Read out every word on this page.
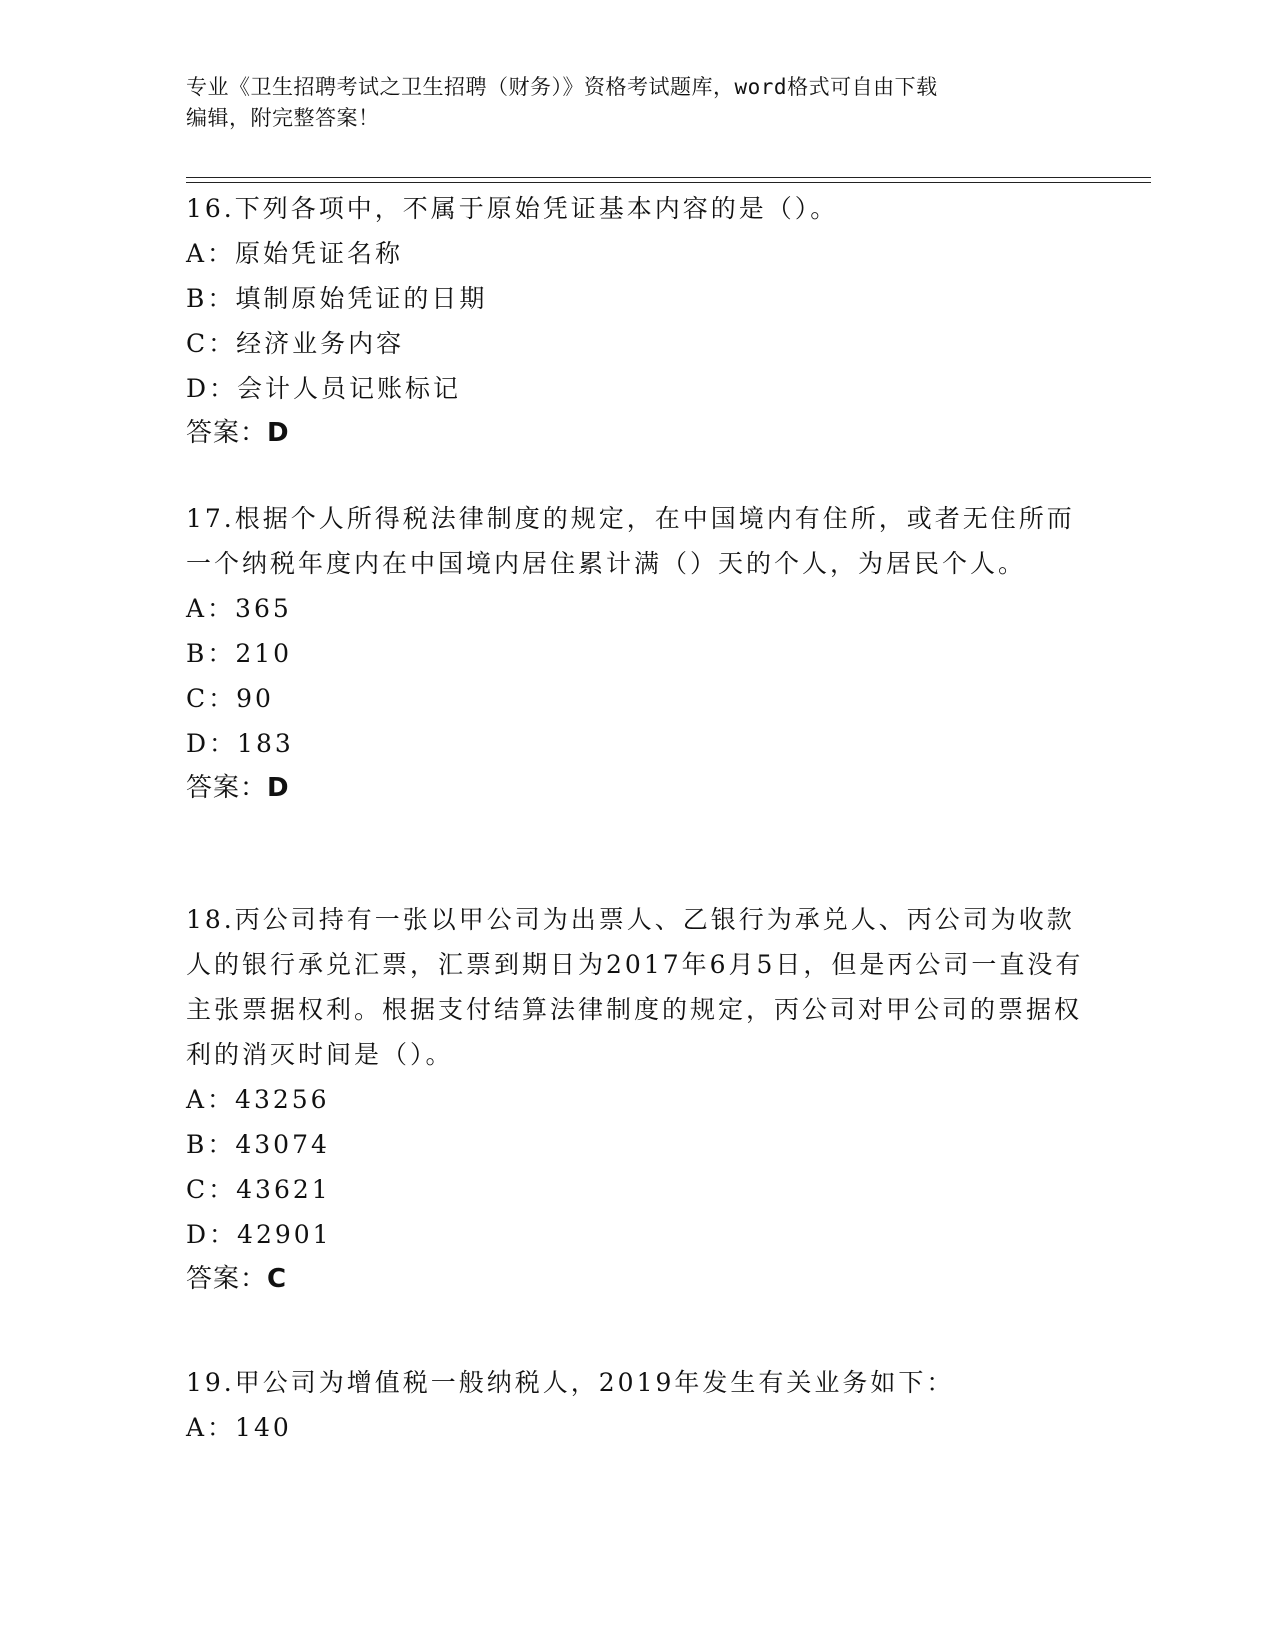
专业《卫生招聘考试之卫生招聘（财务）》资格考试题库，word格式可自由下载
编辑，附完整答案！
16.下列各项中，不属于原始凭证基本内容的是（）。
A：原始凭证名称
B：填制原始凭证的日期
C：经济业务内容
D：会计人员记账标记
答案：D
17.根据个人所得税法律制度的规定，在中国境内有住所，或者无住所而一个纳税年度内在中国境内居住累计满（）天的个人，为居民个人。
A：365
B：210
C：90
D：183
答案：D
18.丙公司持有一张以甲公司为出票人、乙银行为承兑人、丙公司为收款人的银行承兑汇票，汇票到期日为2017年6月5日，但是丙公司一直没有主张票据权利。根据支付结算法律制度的规定，丙公司对甲公司的票据权利的消灭时间是（）。
A：43256
B：43074
C：43621
D：42901
答案：C
19.甲公司为增值税一般纳税人，2019年发生有关业务如下：
A：140
